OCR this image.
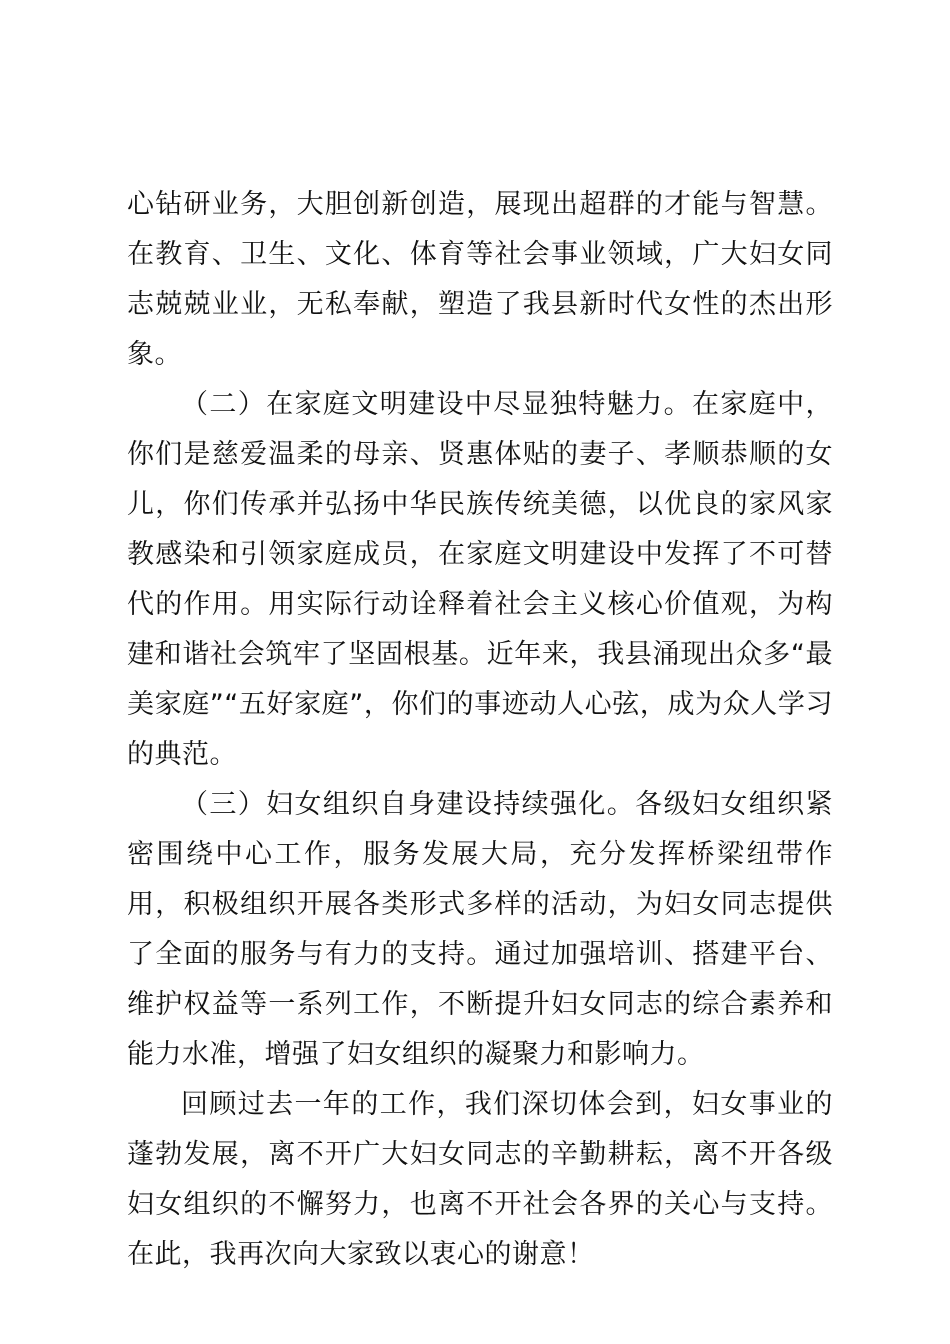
心钻研业务，大胆创新创造，展现出超群的才能与智慧。在教育、卫生、文化、体育等社会事业领域，广大妇女同志兢兢业业，无私奉献，塑造了我县新时代女性的杰出形象。

（二）在家庭文明建设中尽显独特魅力。在家庭中，你们是慈爱温柔的母亲、贤惠体贴的妻子、孝顺恭顺的女儿，你们传承并弘扬中华民族传统美德，以优良的家风家教感染和引领家庭成员，在家庭文明建设中发挥了不可替代的作用。用实际行动诠释着社会主义核心价值观，为构建和谐社会筑牢了坚固根基。近年来，我县涌现出众多“最美家庭”“五好家庭”，你们的事迹动人心弦，成为众人学习的典范。

（三）妇女组织自身建设持续强化。各级妇女组织紧密围绕中心工作，服务发展大局，充分发挥桥梁纽带作用，积极组织开展各类形式多样的活动，为妇女同志提供了全面的服务与有力的支持。通过加强培训、搭建平台、维护权益等一系列工作，不断提升妇女同志的综合素养和能力水准，增强了妇女组织的凝聚力和影响力。

回顾过去一年的工作，我们深切体会到，妇女事业的蓬勃发展，离不开广大妇女同志的辛勤耕耘，离不开各级妇女组织的不懈努力，也离不开社会各界的关心与支持。在此，我再次向大家致以衷心的谢意！
